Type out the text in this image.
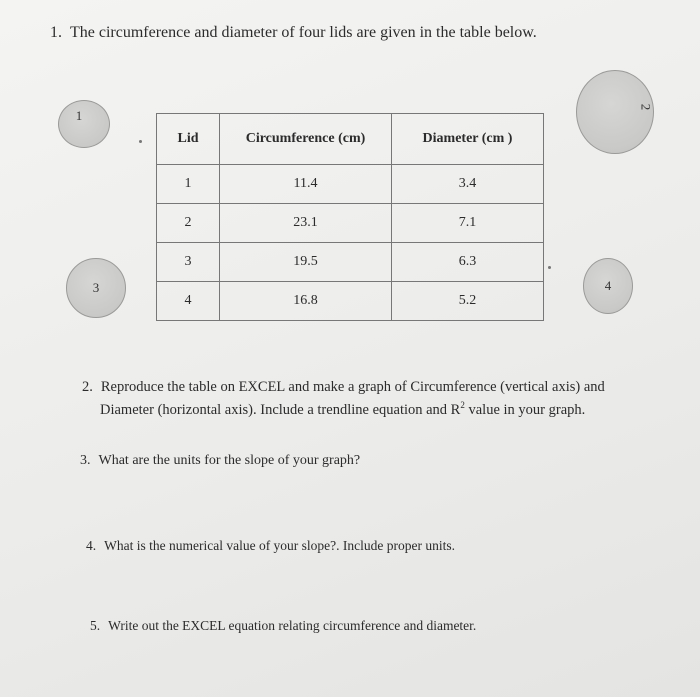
1. The circumference and diameter of four lids are given in the table below.
1
2
3	4
Lid	Circumference (cm)	Diameter (cm )
1	11.4	3.4
2	23.1	7.1
3	19.5	6.3
4	16.8	5.2
2. Reproduce the table on EXCEL and make a graph of Circumference (vertical axis) and
Diameter (horizontal axis). Include a trendline equation and $R^2$ value in your graph.
3. What are the units for the slope of your graph?
4. What is the numerical value of your slope?. Include proper units.
5. Write out the EXCEL equation relating circumference and diameter.
